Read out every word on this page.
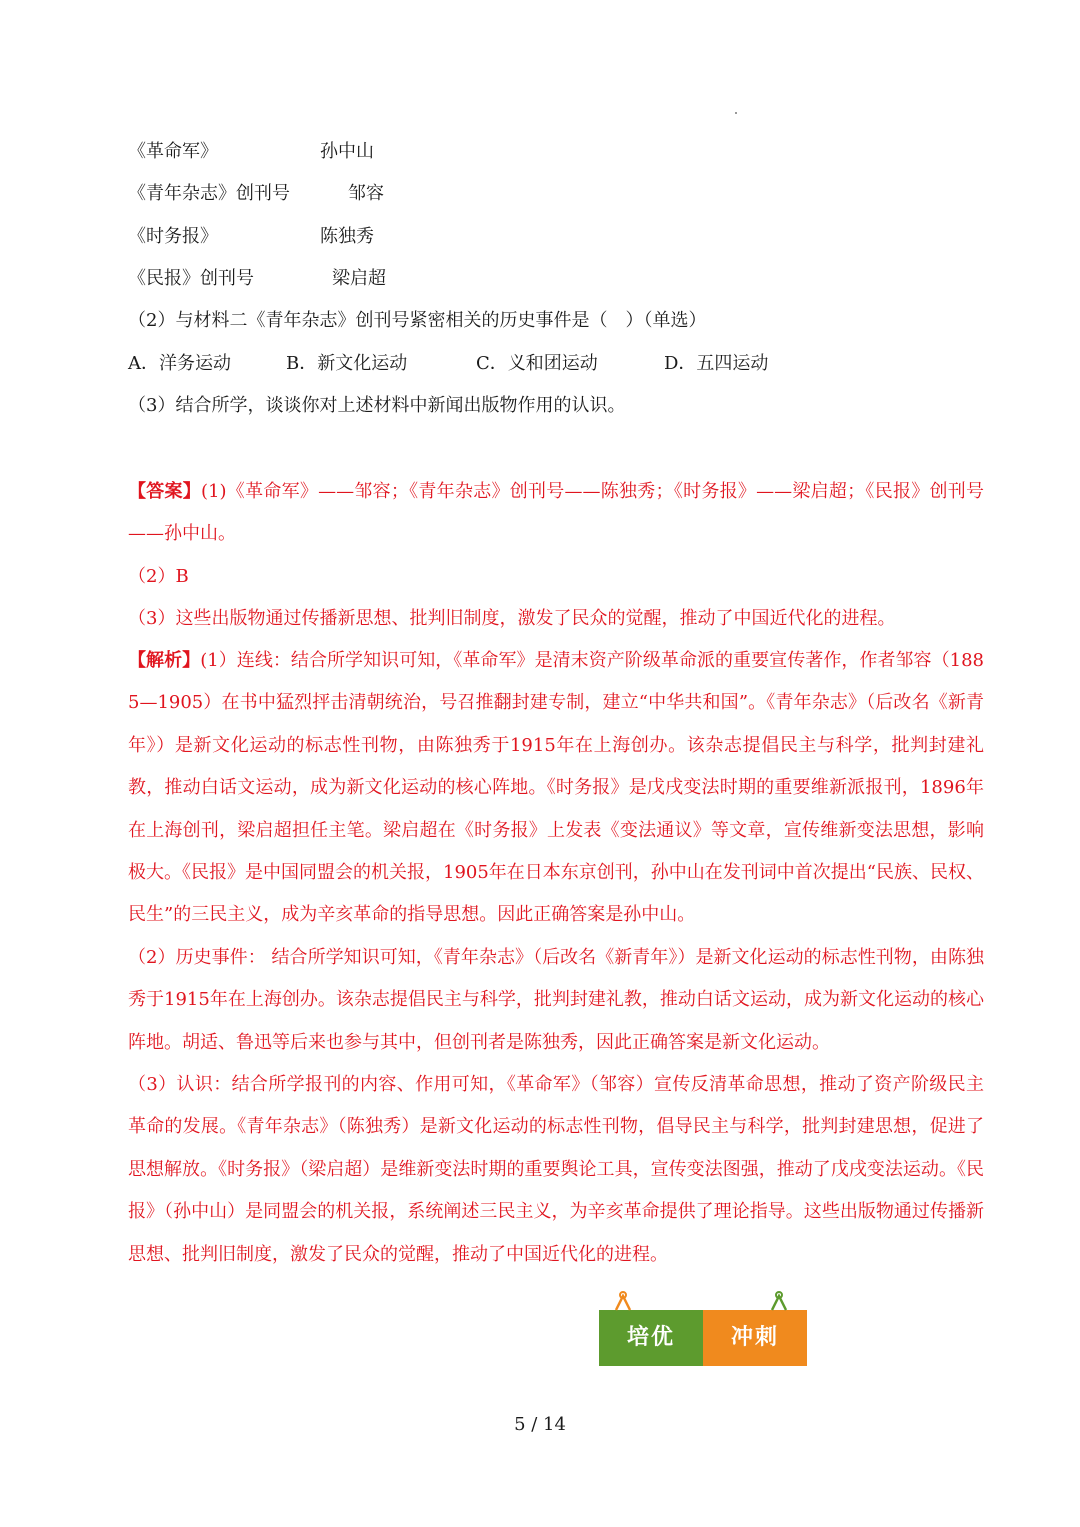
《革命军》	孙中山
《青年杂志》创刊号	邹容
《时务报》	陈独秀
《民报》创刊号	梁启超
（2）与材料二《青年杂志》创刊号紧密相关的历史事件是（　）（单选）
A．洋务运动	B．新文化运动	C．义和团运动	D．五四运动
（3）结合所学，谈谈你对上述材料中新闻出版物作用的认识。
【答案】(1)《革命军》——邹容；《青年杂志》创刊号——陈独秀；《时务报》——梁启超；《民报》创刊号——孙中山。
（2）B
（3）这些出版物通过传播新思想、批判旧制度，激发了民众的觉醒，推动了中国近代化的进程。
【解析】(1）连线：结合所学知识可知，《革命军》是清末资产阶级革命派的重要宣传著作，作者邹容（1885—1905）在书中猛烈抨击清朝统治，号召推翻封建专制，建立“中华共和国”。《青年杂志》（后改名《新青年》）是新文化运动的标志性刊物，由陈独秀于1915年在上海创办。该杂志提倡民主与科学，批判封建礼教，推动白话文运动，成为新文化运动的核心阵地。《时务报》是戊戌变法时期的重要维新派报刊，1896年在上海创刊，梁启超担任主笔。梁启超在《时务报》上发表《变法通议》等文章，宣传维新变法思想，影响极大。《民报》是中国同盟会的机关报，1905年在日本东京创刊，孙中山在发刊词中首次提出“民族、民权、民生”的三民主义，成为辛亥革命的指导思想。因此正确答案是孙中山。
（2）历史事件： 结合所学知识可知，《青年杂志》（后改名《新青年》）是新文化运动的标志性刊物，由陈独秀于1915年在上海创办。该杂志提倡民主与科学，批判封建礼教，推动白话文运动，成为新文化运动的核心阵地。胡适、鲁迅等后来也参与其中，但创刊者是陈独秀，因此正确答案是新文化运动。
（3）认识：结合所学报刊的内容、作用可知，《革命军》（邹容）宣传反清革命思想，推动了资产阶级民主革命的发展。《青年杂志》（陈独秀）是新文化运动的标志性刊物，倡导民主与科学，批判封建思想，促进了思想解放。《时务报》（梁启超）是维新变法时期的重要舆论工具，宣传变法图强，推动了戊戌变法运动。《民报》（孙中山）是同盟会的机关报，系统阐述三民主义，为辛亥革命提供了理论指导。这些出版物通过传播新思想、批判旧制度，激发了民众的觉醒，推动了中国近代化的进程。
培优	冲刺
5 / 14
